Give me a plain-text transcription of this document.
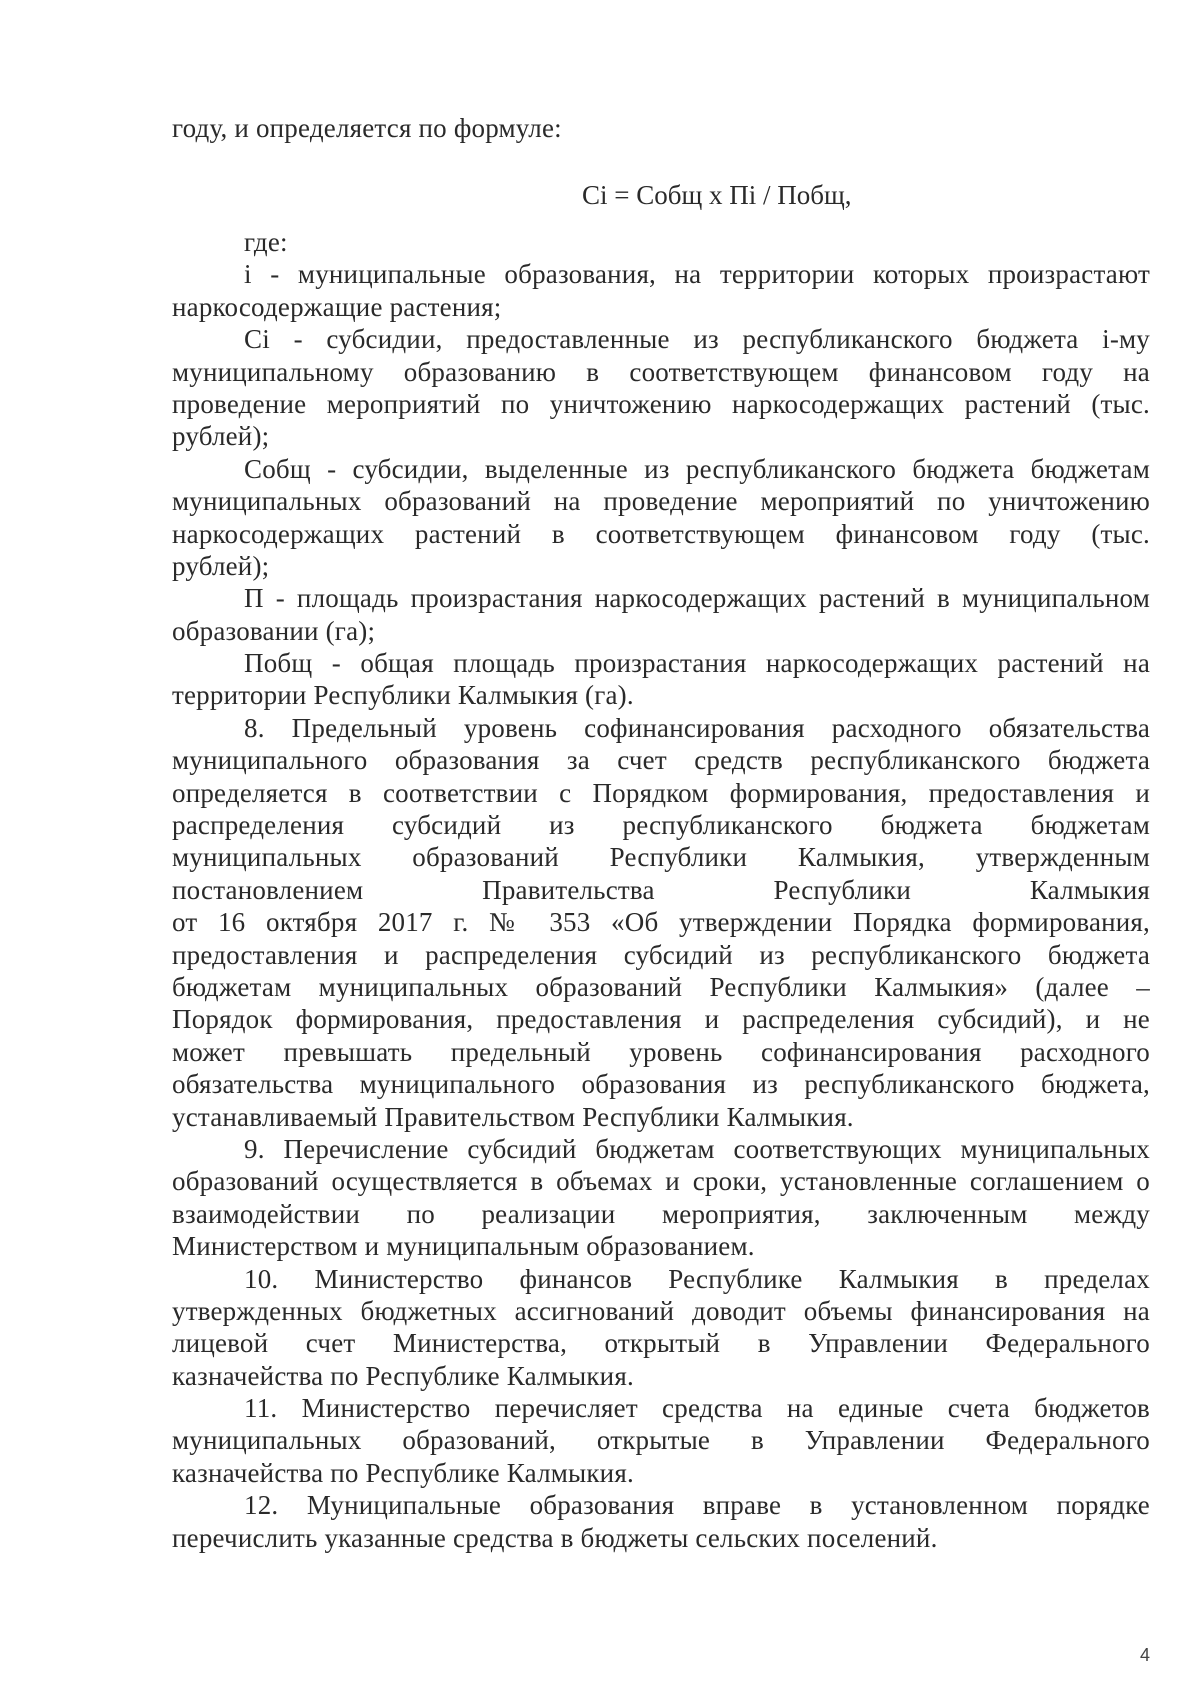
году, и определяется по формуле:
Ci = Собщ x Пi / Побщ,
где:
i - муниципальные образования, на территории которых произрастают
наркосодержащие растения;
Ci - субсидии, предоставленные из республиканского бюджета i-му
муниципальному образованию в соответствующем финансовом году на
проведение мероприятий по уничтожению наркосодержащих растений (тыс.
рублей);
Собщ - субсидии, выделенные из республиканского бюджета бюджетам
муниципальных образований на проведение мероприятий по уничтожению
наркосодержащих растений в соответствующем финансовом году (тыс.
рублей);
П - площадь произрастания наркосодержащих растений в муниципальном
образовании (га);
Побщ - общая площадь произрастания наркосодержащих растений на
территории Республики Калмыкия (га).
8. Предельный уровень софинансирования расходного обязательства
муниципального образования за счет средств республиканского бюджета
определяется в соответствии с Порядком формирования, предоставления и
распределения субсидий из республиканского бюджета бюджетам
муниципальных образований Республики Калмыкия, утвержденным
постановлением Правительства Республики Калмыкия
от 16 октября 2017 г. № 353 «Об утверждении Порядка формирования,
предоставления и распределения субсидий из республиканского бюджета
бюджетам муниципальных образований Республики Калмыкия» (далее –
Порядок формирования, предоставления и распределения субсидий), и не
может превышать предельный уровень софинансирования расходного
обязательства муниципального образования из республиканского бюджета,
устанавливаемый Правительством Республики Калмыкия.
9. Перечисление субсидий бюджетам соответствующих муниципальных
образований осуществляется в объемах и сроки, установленные соглашением о
взаимодействии по реализации мероприятия, заключенным между
Министерством и муниципальным образованием.
10. Министерство финансов Республике Калмыкия в пределах
утвержденных бюджетных ассигнований доводит объемы финансирования на
лицевой счет Министерства, открытый в Управлении Федерального
казначейства по Республике Калмыкия.
11. Министерство перечисляет средства на единые счета бюджетов
муниципальных образований, открытые в Управлении Федерального
казначейства по Республике Калмыкия.
12. Муниципальные образования вправе в установленном порядке
перечислить указанные средства в бюджеты сельских поселений.
4
